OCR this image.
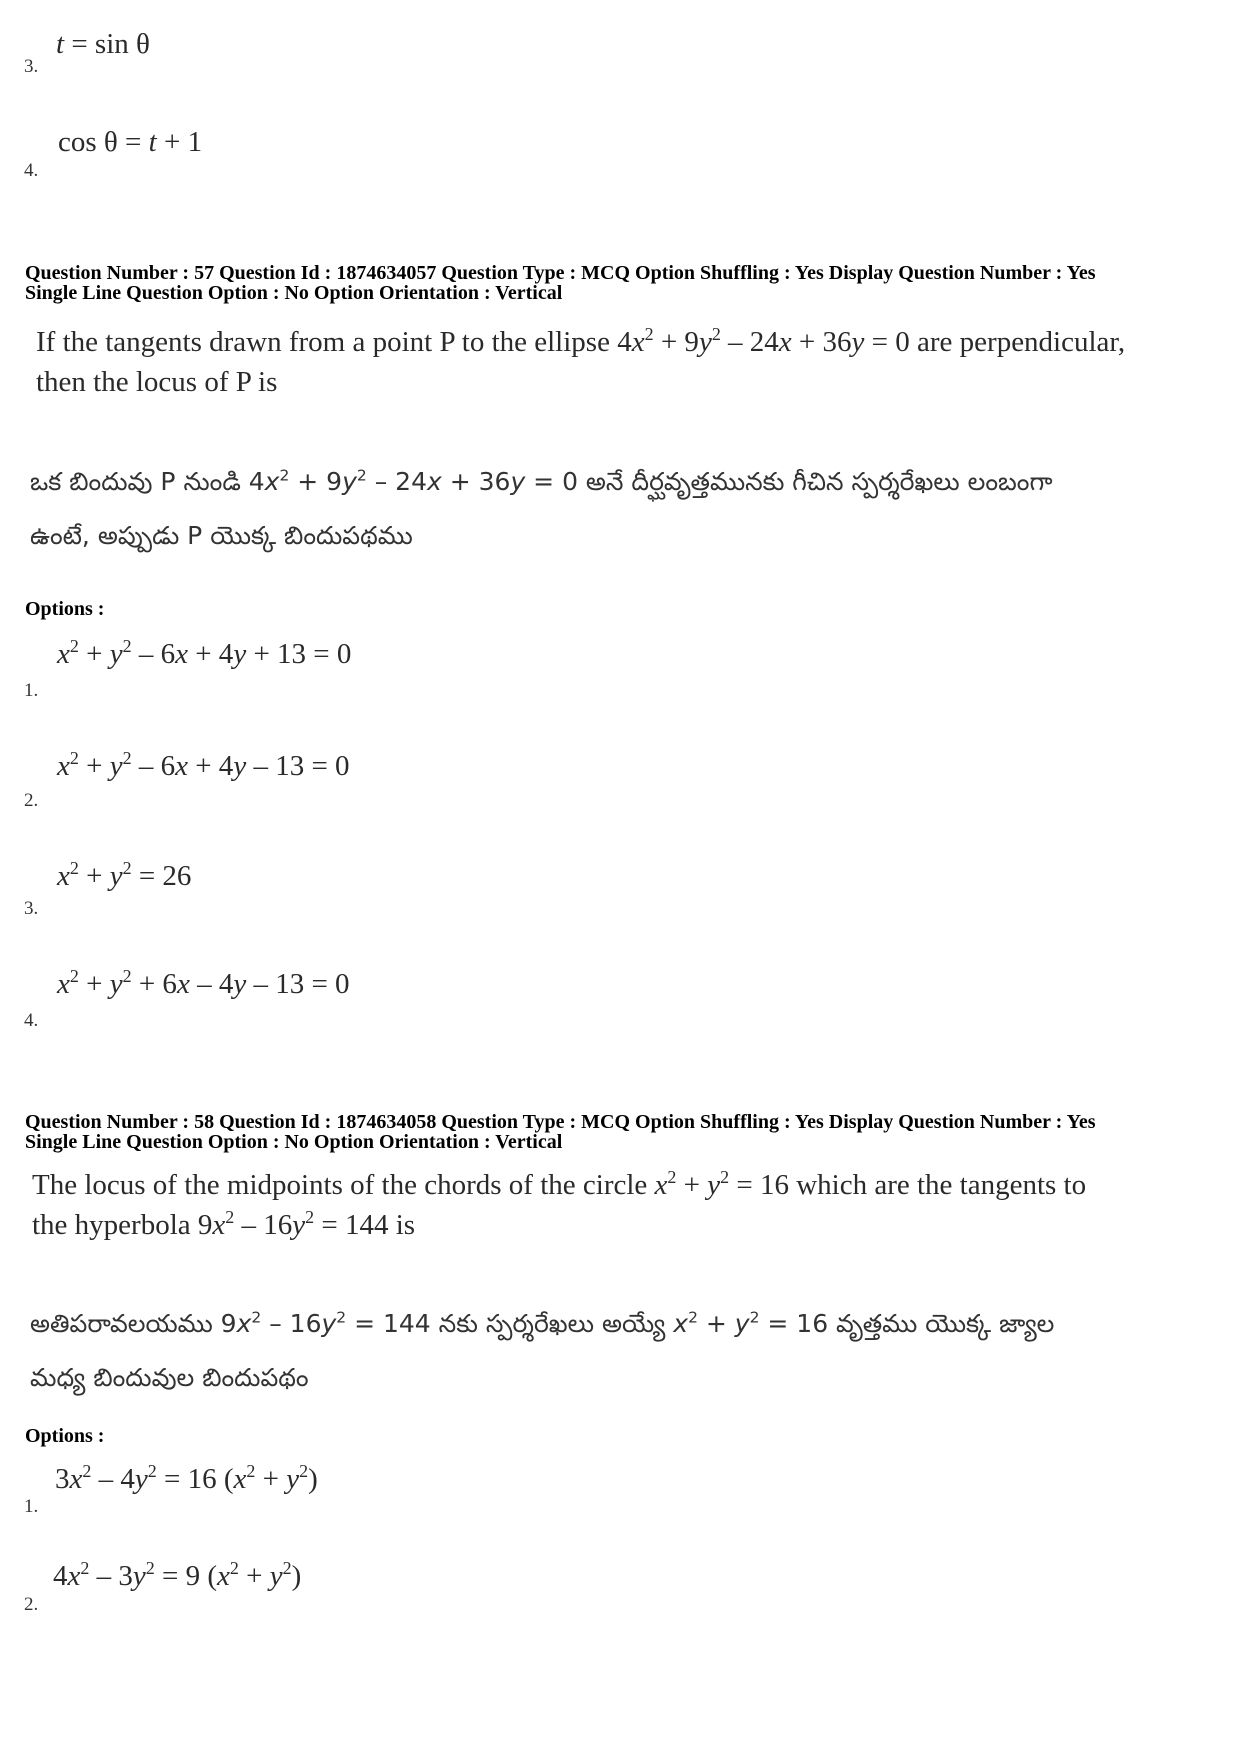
t = sin θ
3.
cos θ = t + 1
4.
Question Number : 57 Question Id : 1874634057 Question Type : MCQ Option Shuffling : Yes Display Question Number : Yes
Single Line Question Option : No Option Orientation : Vertical
If the tangents drawn from a point P to the ellipse $4x^2 + 9y^2 - 24x + 36y = 0$ are perpendicular,
then the locus of P is
ఒక బిందువు P నుండి $4x^2 + 9y^2 - 24x + 36y = 0$ అనే దీర్ఘవృత్తమునకు గీచిన స్పర్శరేఖలు లంబంగా
ఉంటే, అప్పుడు P యొక్క బిందుపథము
Options :
$x^2 + y^2 - 6x + 4y + 13 = 0$
1.
$x^2 + y^2 - 6x + 4y - 13 = 0$
2.
$x^2 + y^2 = 26$
3.
$x^2 + y^2 + 6x - 4y - 13 = 0$
4.
Question Number : 58 Question Id : 1874634058 Question Type : MCQ Option Shuffling : Yes Display Question Number : Yes
Single Line Question Option : No Option Orientation : Vertical
The locus of the midpoints of the chords of the circle $x^2 + y^2 = 16$ which are the tangents to
the hyperbola $9x^2 - 16y^2 = 144$ is
అతిపరావలయము $9x^2 - 16y^2 = 144$ నకు స్పర్శరేఖలు అయ్యే $x^2 + y^2 = 16$ వృత్తము యొక్క జ్యాల
మధ్య బిందువుల బిందుపథం
Options :
$3x^2 - 4y^2 = 16$ $(x^2 + y^2)$
1.
$4x^2 - 3y^2 = 9$ $(x^2 + y^2)$
2.
